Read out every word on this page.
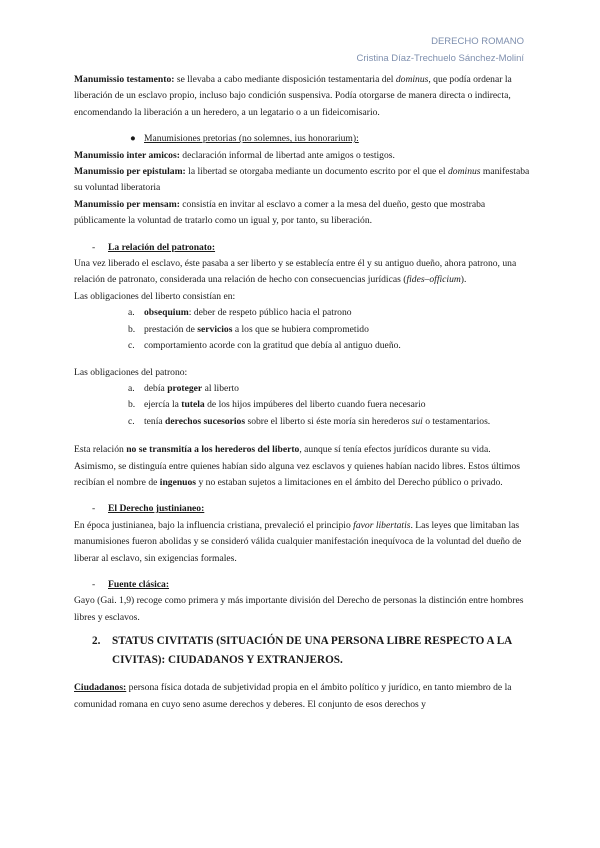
DERECHO ROMANO
Cristina Díaz-Trechuelo Sánchez-Moliní

Manumissio testamento: se llevaba a cabo mediante disposición testamentaria del dominus, que podía ordenar la liberación de un esclavo propio, incluso bajo condición suspensiva. Podía otorgarse de manera directa o indirecta, encomendando la liberación a un heredero, a un legatario o a un fideicomisario.

● Manumisiones pretorias (no solemnes, ius honorarium):

Manumissio inter amicos: declaración informal de libertad ante amigos o testigos.

Manumissio per epistulam: la libertad se otorgaba mediante un documento escrito por el que el dominus manifestaba su voluntad liberatoria

Manumissio per mensam: consistía en invitar al esclavo a comer a la mesa del dueño, gesto que mostraba públicamente la voluntad de tratarlo como un igual y, por tanto, su liberación.

- La relación del patronato:

Una vez liberado el esclavo, éste pasaba a ser liberto y se establecía entre él y su antiguo dueño, ahora patrono, una relación de patronato, considerada una relación de hecho con consecuencias jurídicas (fides–officium).

Las obligaciones del liberto consistían en:

a. obsequium: deber de respeto público hacia el patrono
b. prestación de servicios a los que se hubiera comprometido
c. comportamiento acorde con la gratitud que debía al antiguo dueño.

Las obligaciones del patrono:

a. debía proteger al liberto
b. ejercía la tutela de los hijos impúberes del liberto cuando fuera necesario
c. tenía derechos sucesorios sobre el liberto si éste moría sin herederos sui o testamentarios.

Esta relación no se transmitía a los herederos del liberto, aunque sí tenía efectos jurídicos durante su vida.

Asimismo, se distinguía entre quienes habían sido alguna vez esclavos y quienes habían nacido libres. Estos últimos recibían el nombre de ingenuos y no estaban sujetos a limitaciones en el ámbito del Derecho público o privado.

- El Derecho justinianeo:

En época justinianea, bajo la influencia cristiana, prevaleció el principio favor libertatis. Las leyes que limitaban las manumisiones fueron abolidas y se consideró válida cualquier manifestación inequívoca de la voluntad del dueño de liberar al esclavo, sin exigencias formales.

- Fuente clásica:

Gayo (Gai. 1,9) recoge como primera y más importante división del Derecho de personas la distinción entre hombres libres y esclavos.

2. STATUS CIVITATIS (SITUACIÓN DE UNA PERSONA LIBRE RESPECTO A LA CIVITAS): CIUDADANOS Y EXTRANJEROS.

Ciudadanos: persona física dotada de subjetividad propia en el ámbito político y jurídico, en tanto miembro de la comunidad romana en cuyo seno asume derechos y deberes. El conjunto de esos derechos y
